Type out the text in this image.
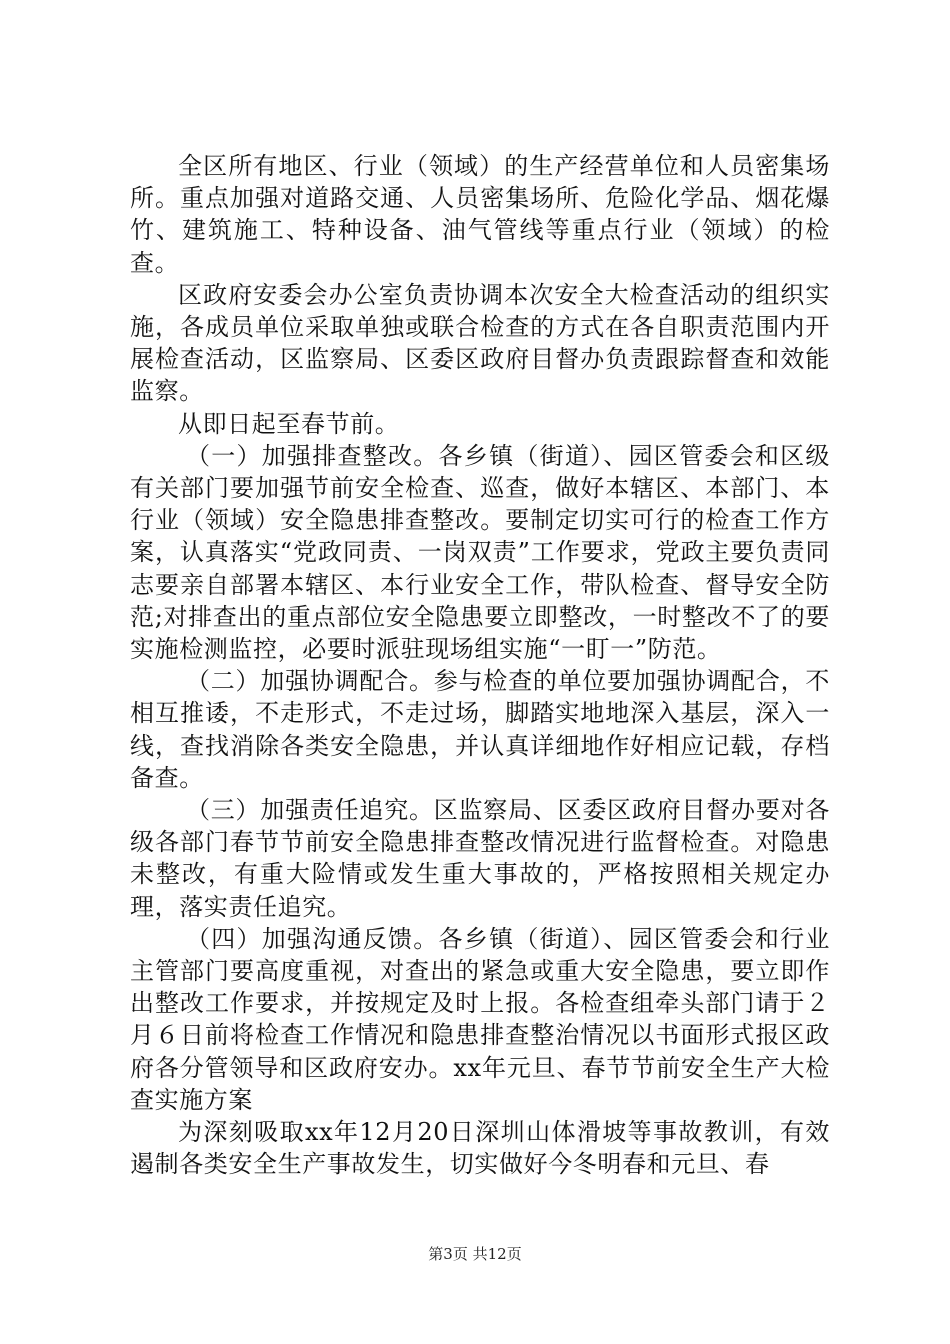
全区所有地区、行业（领域）的生产经营单位和人员密集场所。重点加强对道路交通、人员密集场所、危险化学品、烟花爆竹、建筑施工、特种设备、油气管线等重点行业（领域）的检查。

区政府安委会办公室负责协调本次安全大检查活动的组织实施，各成员单位采取单独或联合检查的方式在各自职责范围内开展检查活动，区监察局、区委区政府目督办负责跟踪督查和效能监察。

从即日起至春节前。

（一）加强排查整改。各乡镇（街道）、园区管委会和区级有关部门要加强节前安全检查、巡查，做好本辖区、本部门、本行业（领域）安全隐患排查整改。要制定切实可行的检查工作方案，认真落实“党政同责、一岗双责”工作要求，党政主要负责同志要亲自部署本辖区、本行业安全工作，带队检查、督导安全防范;对排查出的重点部位安全隐患要立即整改，一时整改不了的要实施检测监控，必要时派驻现场组实施“一盯一”防范。

（二）加强协调配合。参与检查的单位要加强协调配合，不相互推诿，不走形式，不走过场，脚踏实地地深入基层，深入一线，查找消除各类安全隐患，并认真详细地作好相应记载，存档备查。

（三）加强责任追究。区监察局、区委区政府目督办要对各级各部门春节节前安全隐患排查整改情况进行监督检查。对隐患未整改，有重大险情或发生重大事故的，严格按照相关规定办理，落实责任追究。

（四）加强沟通反馈。各乡镇（街道）、园区管委会和行业主管部门要高度重视，对查出的紧急或重大安全隐患，要立即作出整改工作要求，并按规定及时上报。各检查组牵头部门请于２月６日前将检查工作情况和隐患排查整治情况以书面形式报区政府各分管领导和区政府安办。xx年元旦、春节节前安全生产大检查实施方案

为深刻吸取xx年12月20日深圳山体滑坡等事故教训，有效遏制各类安全生产事故发生，切实做好今冬明春和元旦、春

第3页 共12页
